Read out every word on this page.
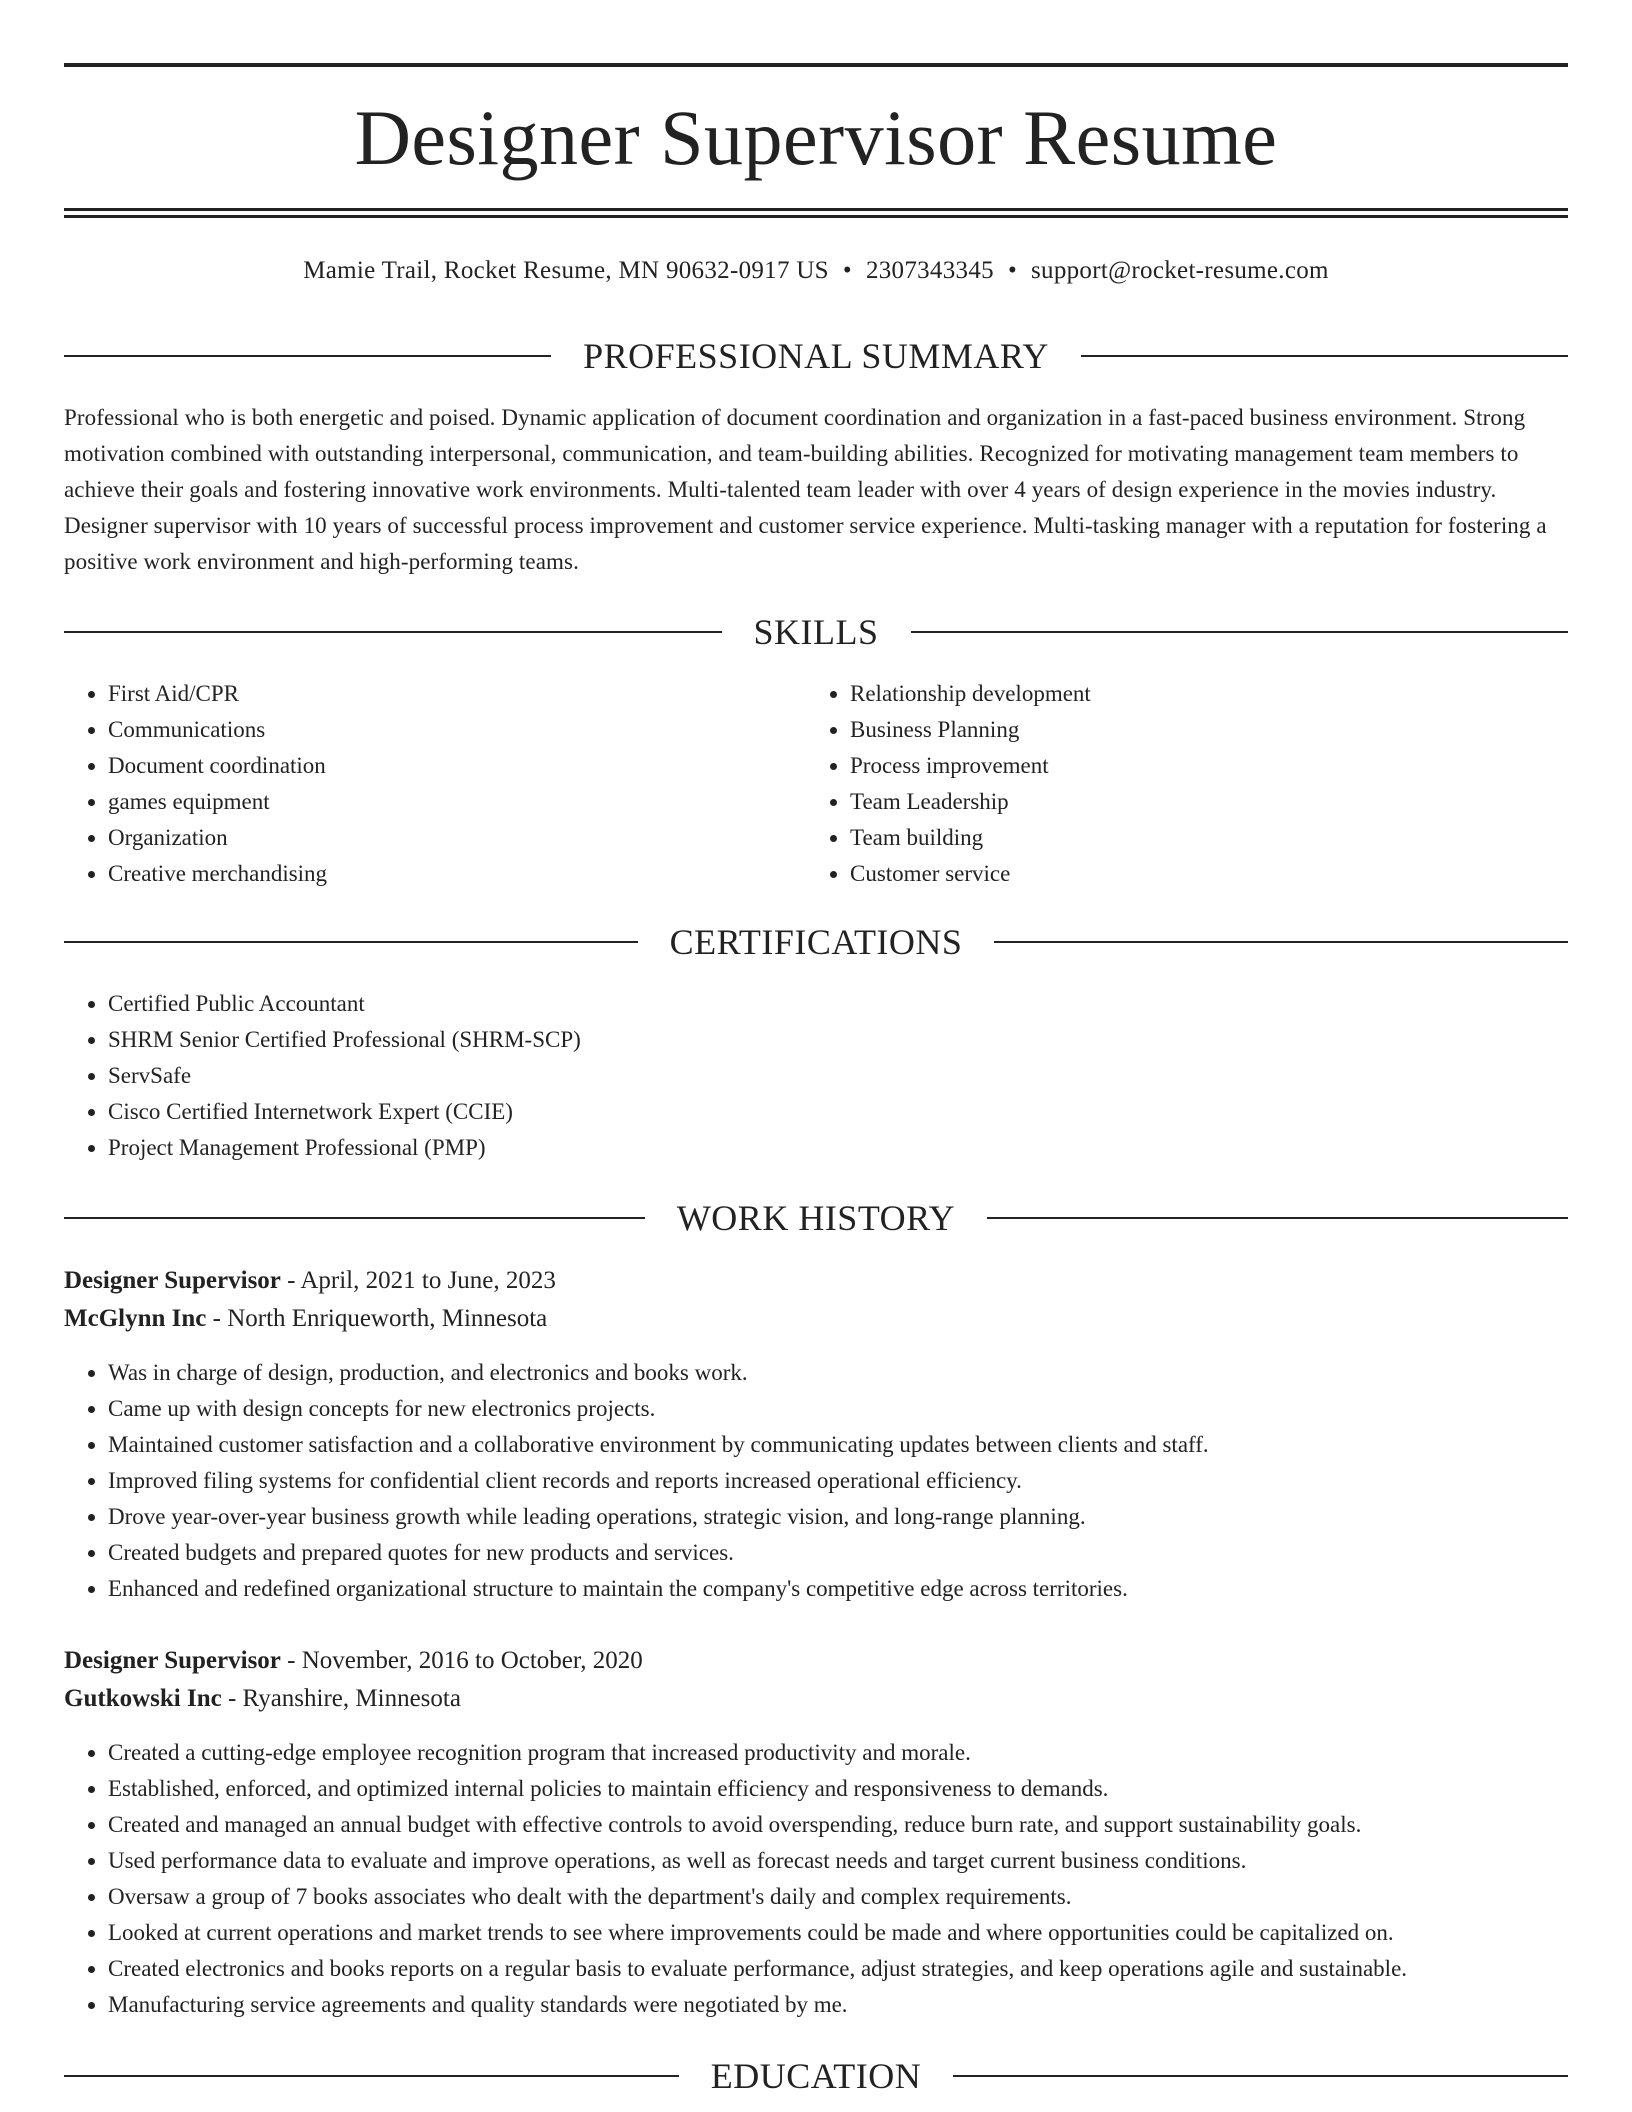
Designer Supervisor Resume
Mamie Trail, Rocket Resume, MN 90632-0917 US • 2307343345 • support@rocket-resume.com
PROFESSIONAL SUMMARY

Professional who is both energetic and poised. Dynamic application of document coordination and organization in a fast-paced business environment. Strong motivation combined with outstanding interpersonal, communication, and team-building abilities. Recognized for motivating management team members to achieve their goals and fostering innovative work environments. Multi-talented team leader with over 4 years of design experience in the movies industry. Designer supervisor with 10 years of successful process improvement and customer service experience. Multi-tasking manager with a reputation for fostering a positive work environment and high-performing teams.

SKILLS
• First Aid/CPR
• Communications
• Document coordination
• games equipment
• Organization
• Creative merchandising
• Relationship development
• Business Planning
• Process improvement
• Team Leadership
• Team building
• Customer service
CERTIFICATIONS
• Certified Public Accountant
• SHRM Senior Certified Professional (SHRM-SCP)
• ServSafe
• Cisco Certified Internetwork Expert (CCIE)
• Project Management Professional (PMP)
WORK HISTORY
Designer Supervisor - April, 2021 to June, 2023
McGlynn Inc - North Enriqueworth, Minnesota
• Was in charge of design, production, and electronics and books work.
• Came up with design concepts for new electronics projects.
• Maintained customer satisfaction and a collaborative environment by communicating updates between clients and staff.
• Improved filing systems for confidential client records and reports increased operational efficiency.
• Drove year-over-year business growth while leading operations, strategic vision, and long-range planning.
• Created budgets and prepared quotes for new products and services.
• Enhanced and redefined organizational structure to maintain the company's competitive edge across territories.
Designer Supervisor - November, 2016 to October, 2020
Gutkowski Inc - Ryanshire, Minnesota
• Created a cutting-edge employee recognition program that increased productivity and morale.
• Established, enforced, and optimized internal policies to maintain efficiency and responsiveness to demands.
• Created and managed an annual budget with effective controls to avoid overspending, reduce burn rate, and support sustainability goals.
• Used performance data to evaluate and improve operations, as well as forecast needs and target current business conditions.
• Oversaw a group of 7 books associates who dealt with the department's daily and complex requirements.
• Looked at current operations and market trends to see where improvements could be made and where opportunities could be capitalized on.
• Created electronics and books reports on a regular basis to evaluate performance, adjust strategies, and keep operations agile and sustainable.
• Manufacturing service agreements and quality standards were negotiated by me.
EDUCATION
